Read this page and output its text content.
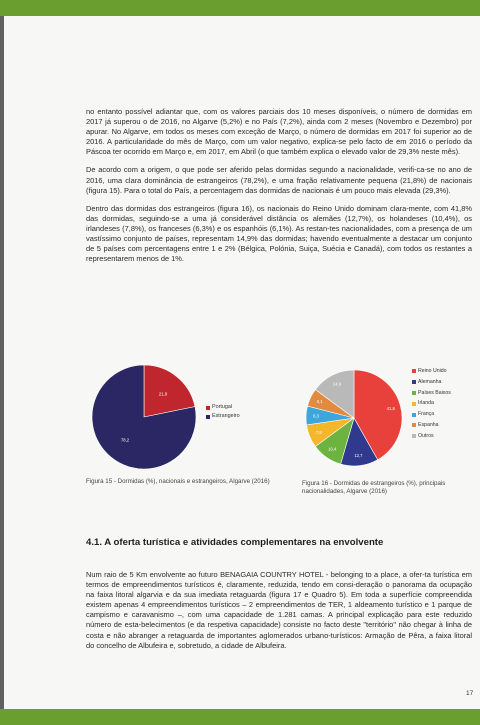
no entanto possível adiantar que, com os valores parciais dos 10 meses disponíveis, o número de dormidas em 2017 já superou o de 2016, no Algarve (5,2%) e no País (7,2%), ainda com 2 meses (Novembro e Dezembro) por apurar. No Algarve, em todos os meses com exceção de Março, o número de dormidas em 2017 foi superior ao de 2016. A particularidade do mês de Março, com um valor negativo, explica-se pelo facto de em 2016 o período da Páscoa ter ocorrido em Março e, em 2017, em Abril (o que também explica o elevado valor de 29,3% neste mês).

De acordo com a origem, o que pode ser aferido pelas dormidas segundo a nacionalidade, verifi-ca-se no ano de 2016, uma clara dominância de estrangeiros (78,2%), e uma fração relativamente pequena (21,8%) de nacionais (figura 15). Para o total do País, a percentagem das dormidas de nacionais é um pouco mais elevada (29,3%).

Dentro das dormidas dos estrangeiros (figura 16), os nacionais do Reino Unido dominam clara-mente, com 41,8% das dormidas, seguindo-se a uma já considerável distância os alemães (12,7%), os holandeses (10,4%), os irlandeses (7,8%), os franceses (6,3%) e os espanhóis (6,1%). As restan-tes nacionalidades, com a presença de um vastíssimo conjunto de países, representam 14,9% das dormidas; havendo eventualmente a destacar um conjunto de 5 países com percentagens entre 1 e 2% (Bélgica, Polónia, Suiça, Suécia e Canadá), com todos os restantes a representarem menos de 1%.

21,8
78,2
Portugal
Estrangeiro
Figura 15 - Dormidas (%), nacionais e estrangeiros, Algarve (2016)
41,8
12,7
10,4
7,8
6,3
6,1
14,9
Reino Unido
Alemanha
Países Baixos
Irlanda
França
Espanha
Outros
Figura 16 - Dormidas de estrangeiros (%), principais nacionalidades, Algarve (2016)
4.1. A oferta turística e atividades complementares na envolvente
Num raio de 5 Km envolvente ao futuro BENAGAIA COUNTRY HOTEL - belonging to a place, a ofer-ta turística em termos de empreendimentos turísticos é, claramente, reduzida, tendo em consi-deração o panorama da ocupação na faixa litoral algarvia e da sua imediata retaguarda (figura 17 e Quadro 5). Em toda a superfície compreendida existem apenas 4 empreendimentos turísticos – 2 empreendimentos de TER, 1 aldeamento turístico e 1 parque de campismo e caravanismo –, com uma capacidade de 1.281 camas. A principal explicação para este reduzido número de esta-belecimentos (e da respetiva capacidade) consiste no facto deste "território" não chegar à linha de costa e não abranger a retaguarda de importantes aglomerados urbano-turísticos: Armação de Pêra, a faixa litoral do concelho de Albufeira e, sobretudo, a cidade de Albufeira.
17
